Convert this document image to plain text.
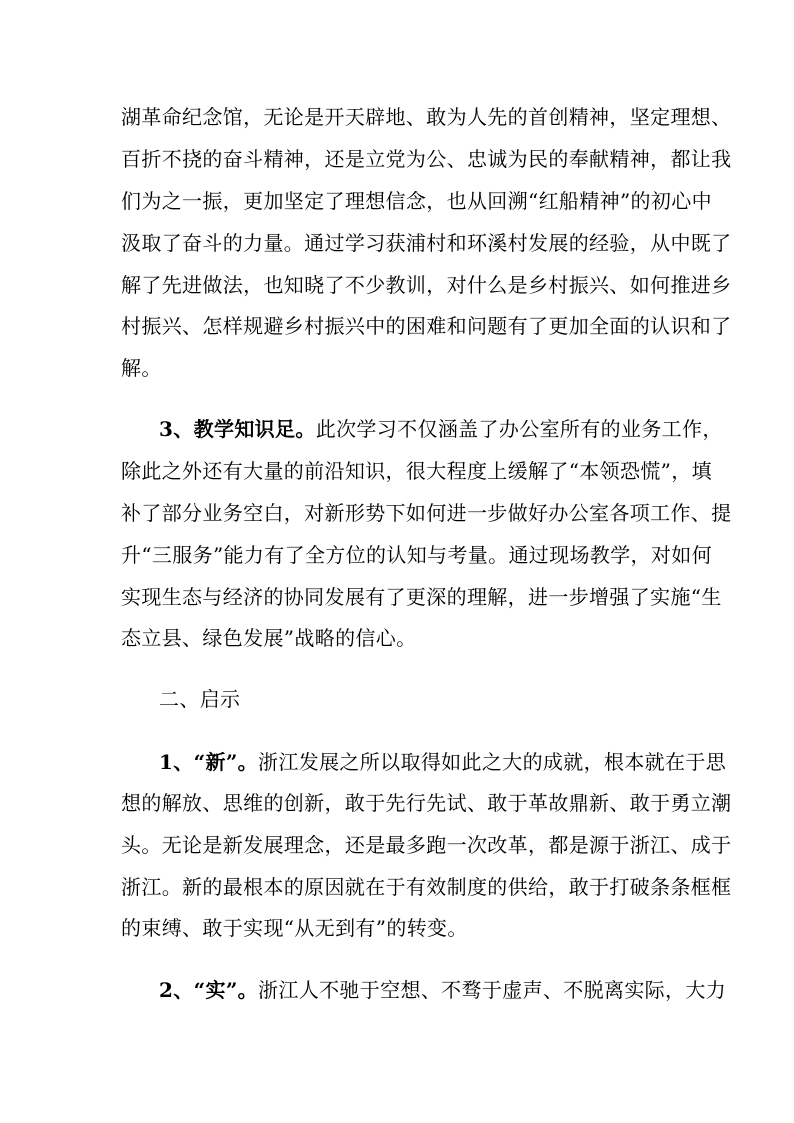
湖革命纪念馆，无论是开天辟地、敢为人先的首创精神，坚定理想、
百折不挠的奋斗精神，还是立党为公、忠诚为民的奉献精神，都让我
们为之一振，更加坚定了理想信念，也从回溯“红船精神”的初心中
汲取了奋斗的力量。通过学习获浦村和环溪村发展的经验，从中既了
解了先进做法，也知晓了不少教训，对什么是乡村振兴、如何推进乡
村振兴、怎样规避乡村振兴中的困难和问题有了更加全面的认识和了
解。
3、教学知识足。此次学习不仅涵盖了办公室所有的业务工作，
除此之外还有大量的前沿知识，很大程度上缓解了“本领恐慌”，填
补了部分业务空白，对新形势下如何进一步做好办公室各项工作、提
升“三服务”能力有了全方位的认知与考量。通过现场教学，对如何
实现生态与经济的协同发展有了更深的理解，进一步增强了实施“生
态立县、绿色发展”战略的信心。
二、启示
1、“新”。浙江发展之所以取得如此之大的成就，根本就在于思
想的解放、思维的创新，敢于先行先试、敢于革故鼎新、敢于勇立潮
头。无论是新发展理念，还是最多跑一次改革，都是源于浙江、成于
浙江。新的最根本的原因就在于有效制度的供给，敢于打破条条框框
的束缚、敢于实现“从无到有”的转变。
2、“实”。浙江人不驰于空想、不骛于虚声、不脱离实际，大力
